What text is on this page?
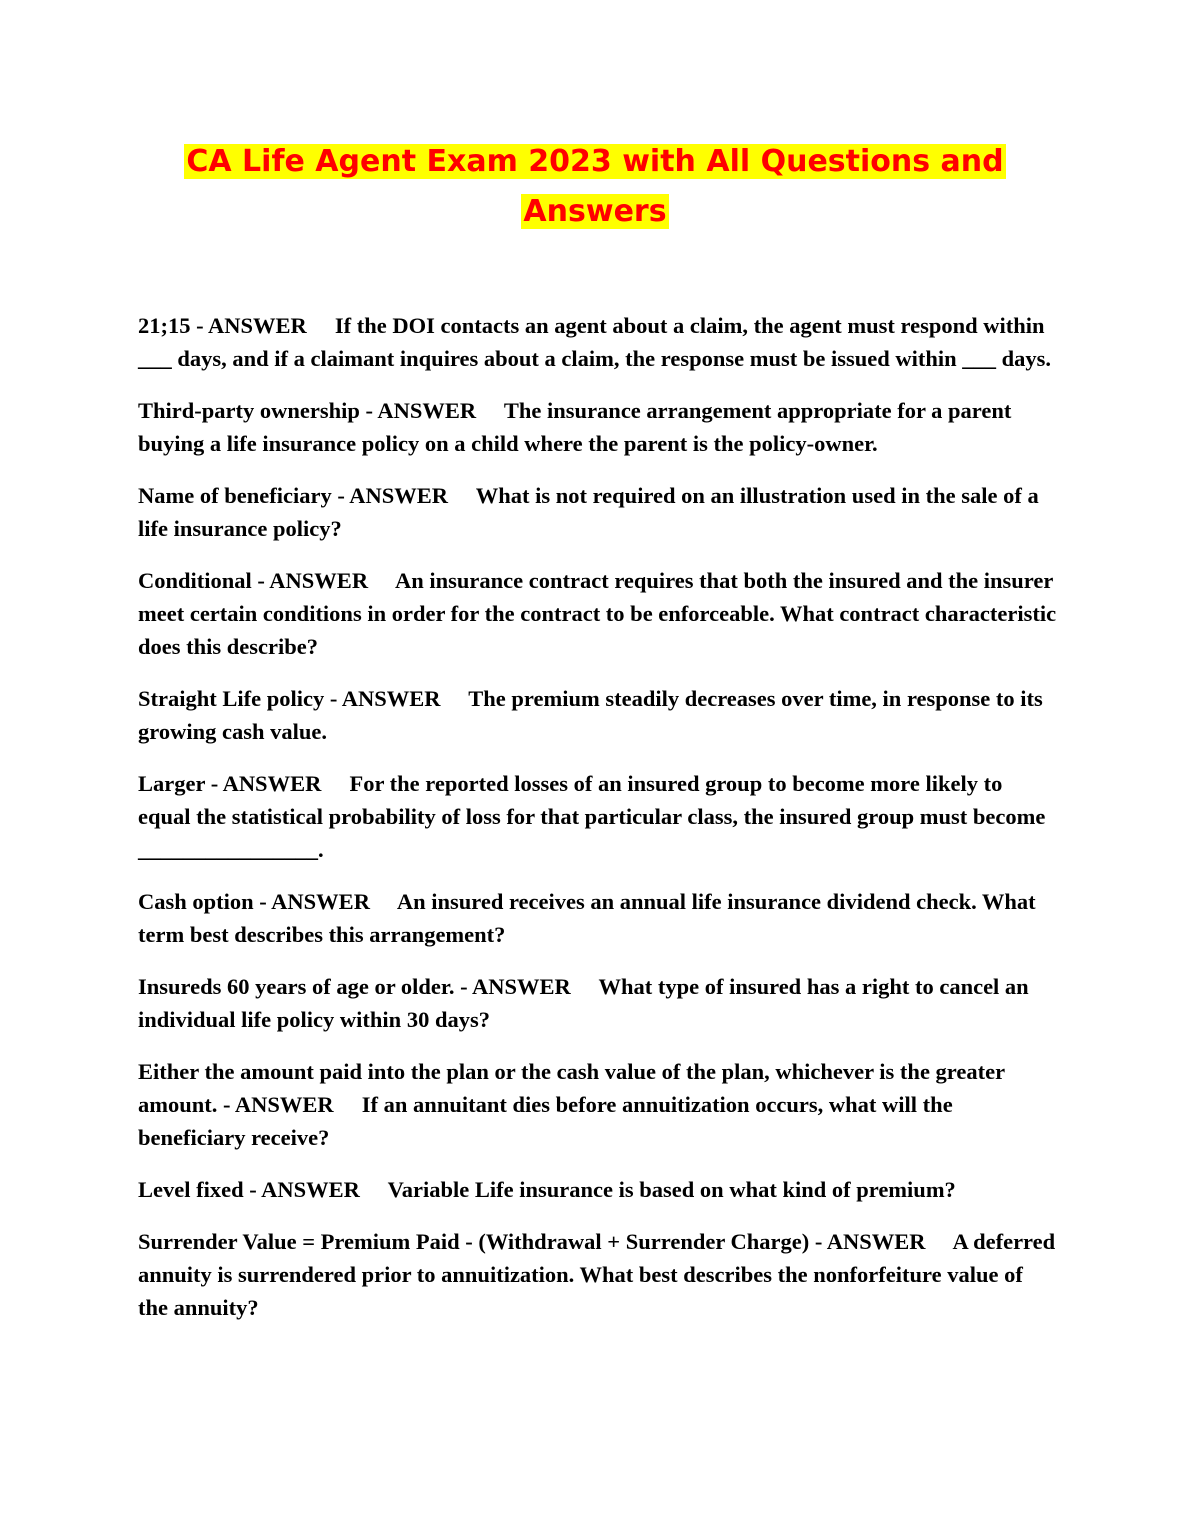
CA Life Agent Exam 2023 with All Questions and
Answers

21;15 - ANSWER If the DOI contacts an agent about a claim, the agent must respond within ___ days, and if a claimant inquires about a claim, the response must be issued within ___ days.

Third-party ownership - ANSWER The insurance arrangement appropriate for a parent buying a life insurance policy on a child where the parent is the policy-owner.

Name of beneficiary - ANSWER What is not required on an illustration used in the sale of a life insurance policy?

Conditional - ANSWER An insurance contract requires that both the insured and the insurer meet certain conditions in order for the contract to be enforceable. What contract characteristic does this describe?

Straight Life policy - ANSWER The premium steadily decreases over time, in response to its growing cash value.

Larger - ANSWER For the reported losses of an insured group to become more likely to equal the statistical probability of loss for that particular class, the insured group must become ________________.

Cash option - ANSWER An insured receives an annual life insurance dividend check. What term best describes this arrangement?

Insureds 60 years of age or older. - ANSWER What type of insured has a right to cancel an individual life policy within 30 days?

Either the amount paid into the plan or the cash value of the plan, whichever is the greater amount. - ANSWER If an annuitant dies before annuitization occurs, what will the beneficiary receive?

Level fixed - ANSWER Variable Life insurance is based on what kind of premium?

Surrender Value = Premium Paid - (Withdrawal + Surrender Charge) - ANSWER A deferred annuity is surrendered prior to annuitization. What best describes the nonforfeiture value of the annuity?
